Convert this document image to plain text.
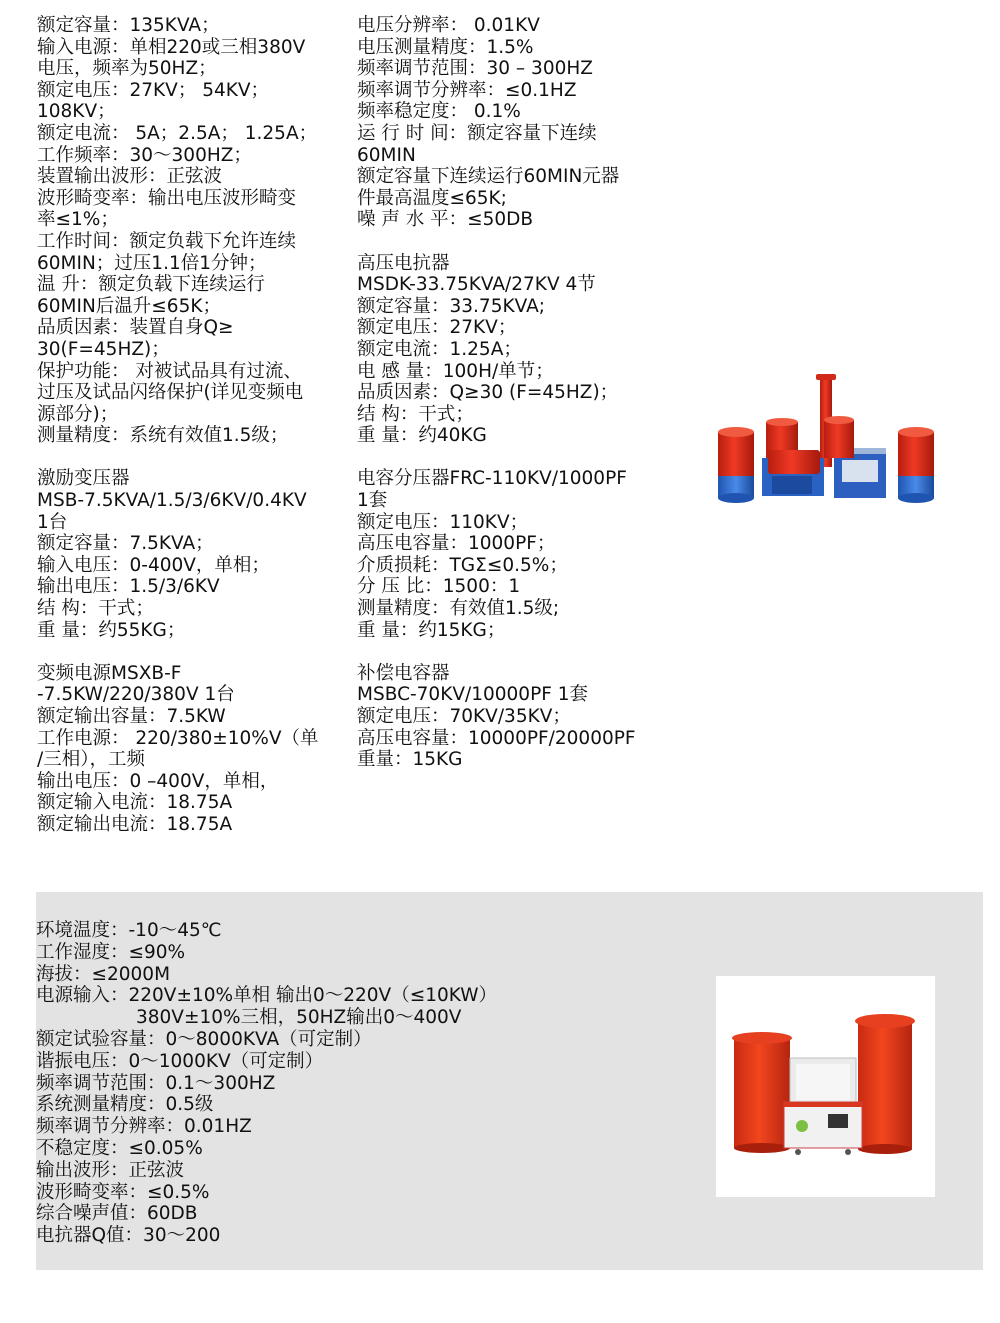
额定容量：135KVA；
输入电源：单相220或三相380V
电压，频率为50HZ；
额定电压：27KV； 54KV；
108KV；
额定电流： 5A；2.5A； 1.25A；
工作频率：30～300HZ；
装置输出波形：正弦波
波形畸变率：输出电压波形畸变
率≤1%；
工作时间：额定负载下允许连续
60MIN；过压1.1倍1分钟；
温 升：额定负载下连续运行
60MIN后温升≤65K；
品质因素：装置自身Q≥
30(F=45HZ)；
保护功能： 对被试品具有过流、
过压及试品闪络保护(详见变频电
源部分)；
测量精度：系统有效值1.5级；
激励变压器
MSB-7.5KVA/1.5/3/6KV/0.4KV
1台
额定容量：7.5KVA；
输入电压：0-400V，单相；
输出电压：1.5/3/6KV
结 构：干式；
重 量：约55KG；
变频电源MSXB-F
-7.5KW/220/380V 1台
额定输出容量：7.5KW
工作电源： 220/380±10%V（单
/三相），工频
输出电压：0 –400V，单相，
额定输入电流：18.75A
额定输出电流：18.75A
电压分辨率： 0.01KV
电压测量精度：1.5%
频率调节范围：30 – 300HZ
频率调节分辨率：≤0.1HZ
频率稳定度： 0.1%
运 行 时 间：额定容量下连续
60MIN
额定容量下连续运行60MIN元器
件最高温度≤65K;
噪 声 水 平：≤50DB
高压电抗器
MSDK-33.75KVA/27KV 4节
额定容量：33.75KVA;
额定电压：27KV；
额定电流：1.25A；
电 感 量：100H/单节；
品质因素：Q≥30 (F=45HZ)；
结 构：干式；
重 量：约40KG
电容分压器FRC-110KV/1000PF
1套
额定电压：110KV；
高压电容量：1000PF；
介质损耗：TGΣ≤0.5%；
分 压 比：1500：1
测量精度：有效值1.5级;
重 量：约15KG；
补偿电容器
MSBC-70KV/10000PF 1套
额定电压：70KV/35KV；
高压电容量：10000PF/20000PF
重量：15KG
环境温度：-10～45℃
工作湿度：≤90%
海拔：≤2000M
电源输入：220V±10%单相 输出0～220V（≤10KW）
380V±10%三相，50HZ输出0～400V
额定试验容量：0～8000KVA（可定制）
谐振电压：0～1000KV（可定制）
频率调节范围：0.1～300HZ
系统测量精度：0.5级
频率调节分辨率：0.01HZ
不稳定度：≤0.05%
输出波形：正弦波
波形畸变率：≤0.5%
综合噪声值：60DB
电抗器Q值：30～200
